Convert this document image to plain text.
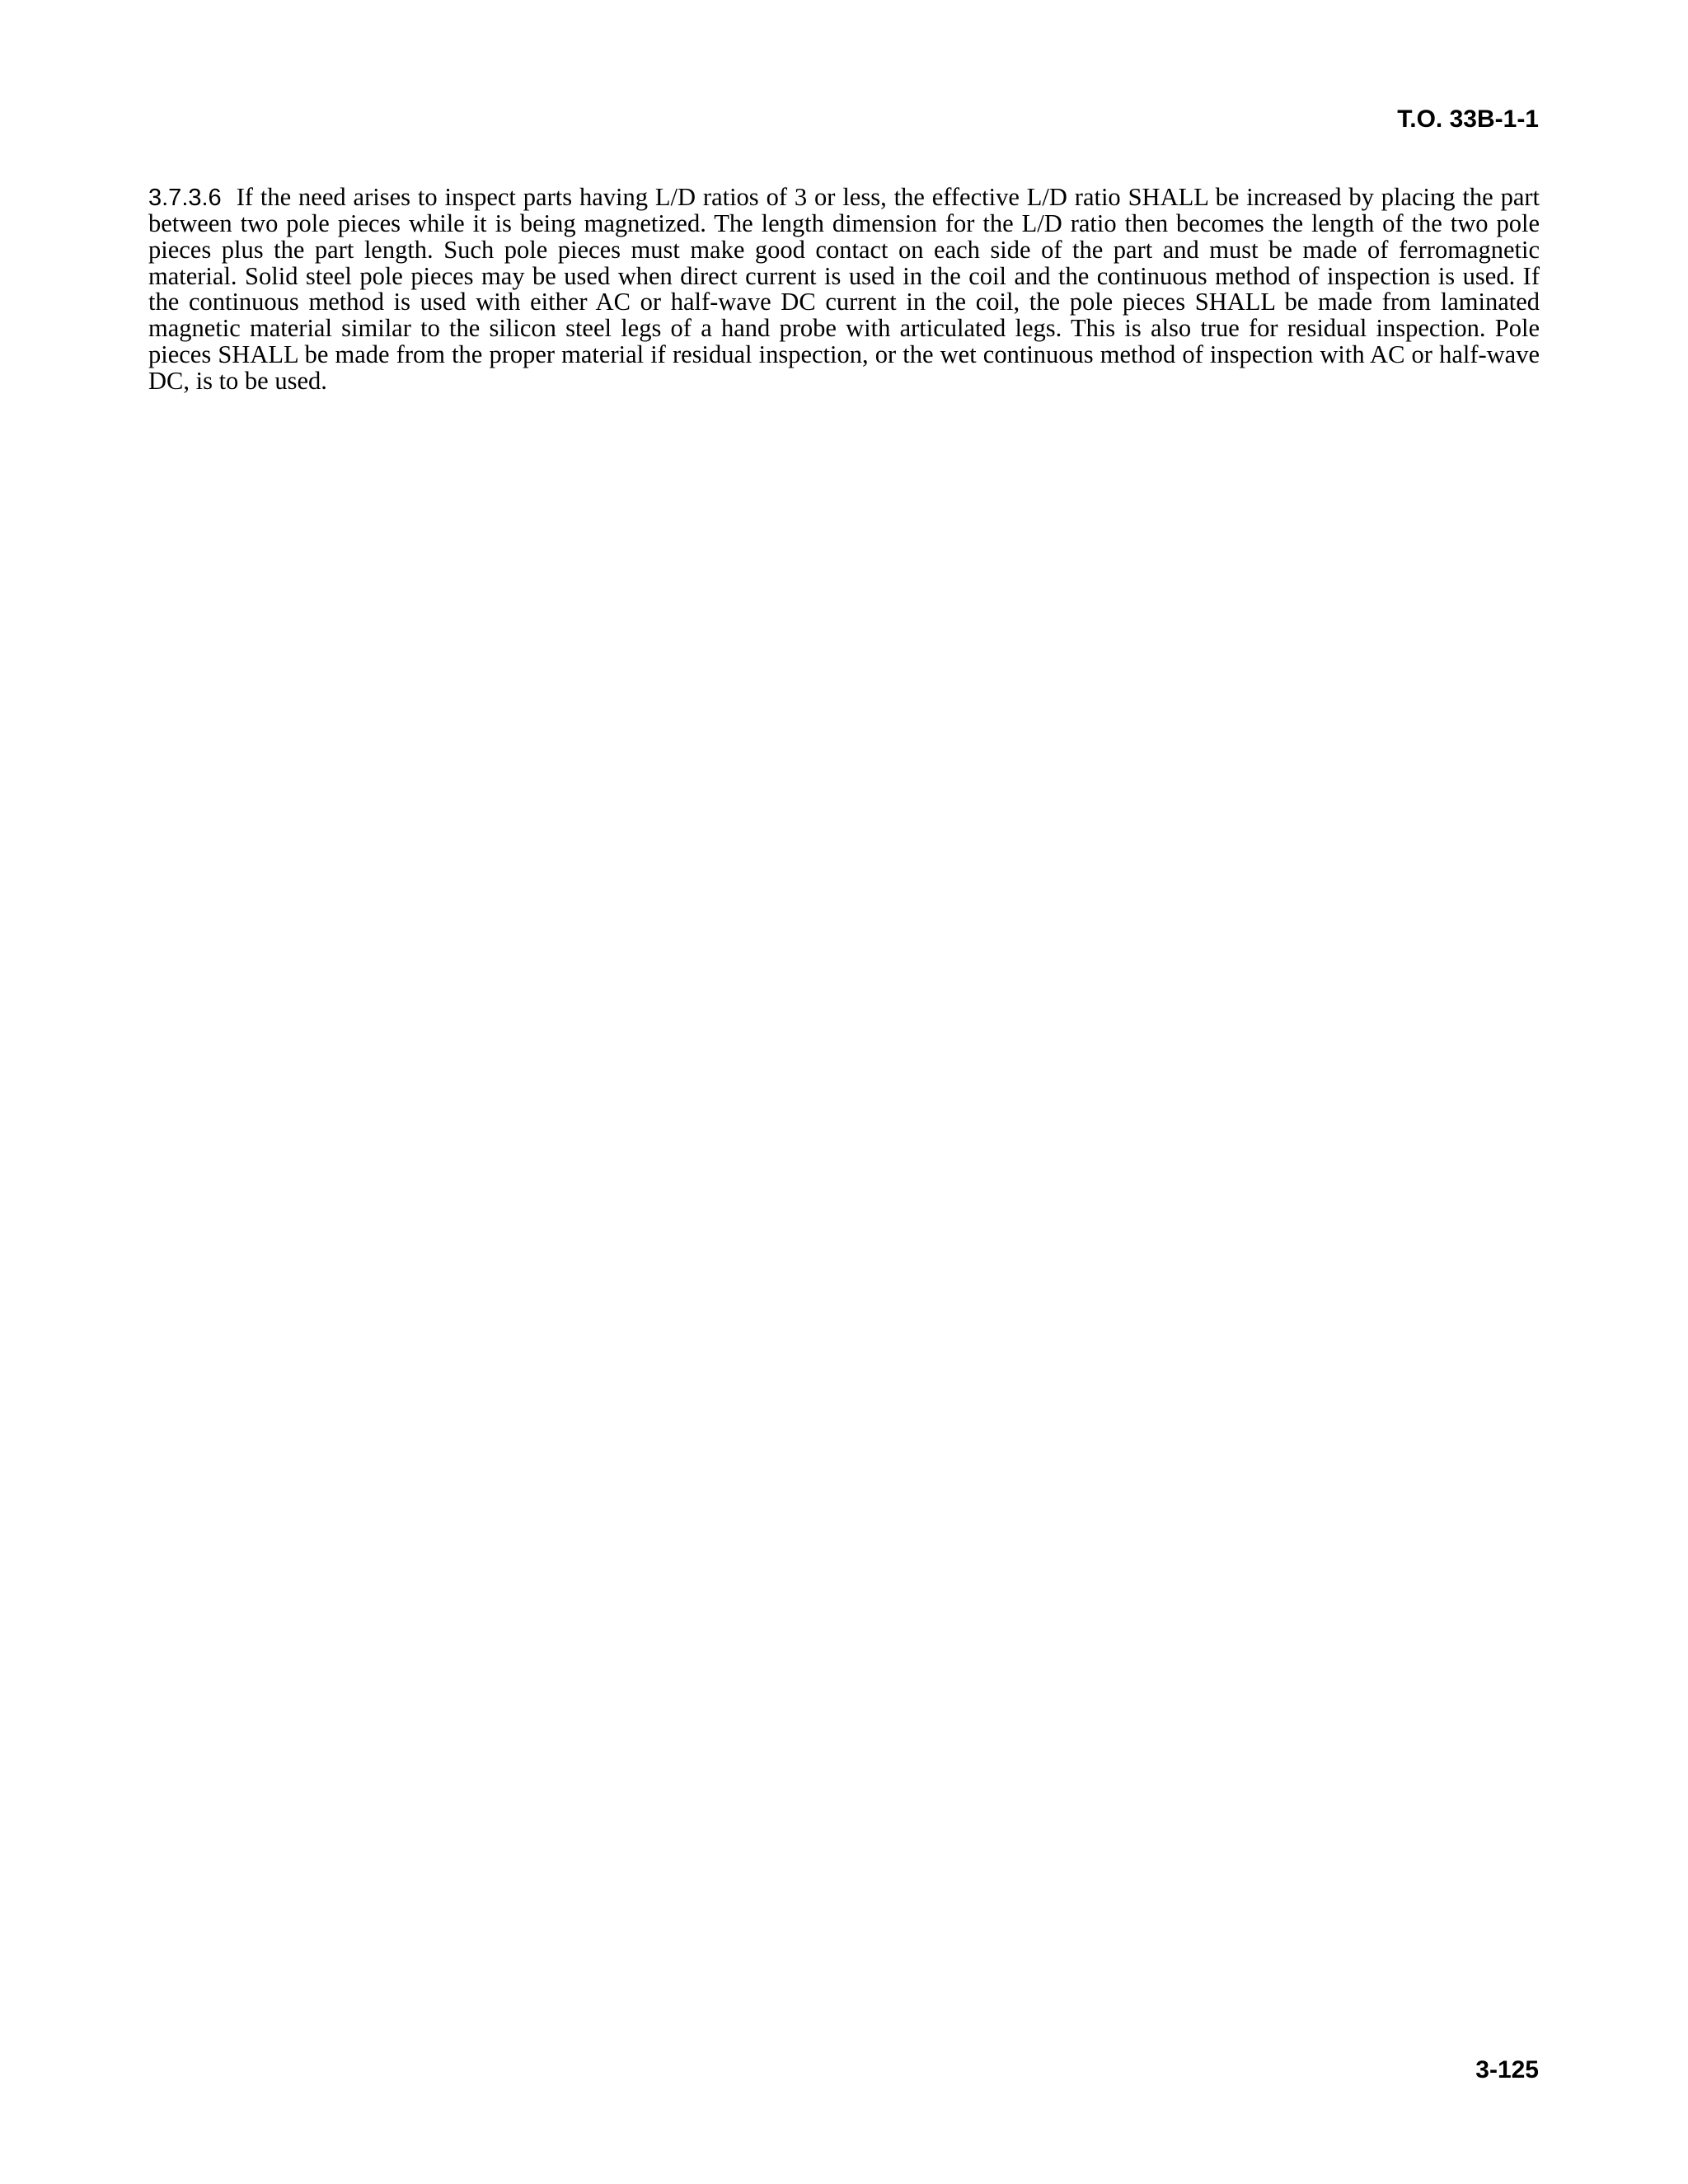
T.O. 33B-1-1

3.7.3.6 If the need arises to inspect parts having L/D ratios of 3 or less, the effective L/D ratio SHALL be increased by placing the part between two pole pieces while it is being magnetized. The length dimension for the L/D ratio then becomes the length of the two pole pieces plus the part length. Such pole pieces must make good contact on each side of the part and must be made of ferromagnetic material. Solid steel pole pieces may be used when direct current is used in the coil and the continuous method of inspection is used. If the continuous method is used with either AC or half-wave DC current in the coil, the pole pieces SHALL be made from laminated magnetic material similar to the silicon steel legs of a hand probe with articulated legs. This is also true for residual inspection. Pole pieces SHALL be made from the proper material if residual inspection, or the wet continuous method of inspection with AC or half-wave DC, is to be used.

3-125
